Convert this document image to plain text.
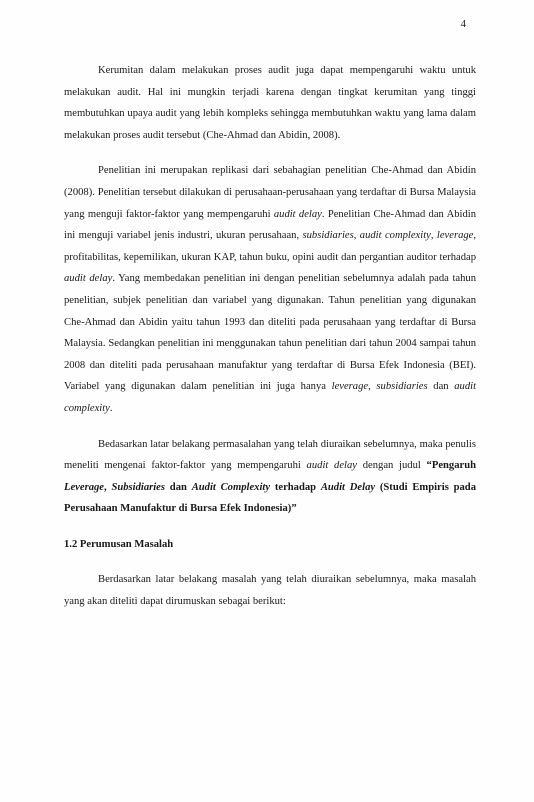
4

Kerumitan dalam melakukan proses audit juga dapat mempengaruhi waktu untuk melakukan audit. Hal ini mungkin terjadi karena dengan tingkat kerumitan yang tinggi membutuhkan upaya audit yang lebih kompleks sehingga membutuhkan waktu yang lama dalam melakukan proses audit tersebut (Che-Ahmad dan Abidin, 2008).

Penelitian ini merupakan replikasi dari sebahagian penelitian Che-Ahmad dan Abidin (2008). Penelitian tersebut dilakukan di perusahaan-perusahaan yang terdaftar di Bursa Malaysia yang menguji faktor-faktor yang mempengaruhi audit delay. Penelitian Che-Ahmad dan Abidin ini menguji variabel jenis industri, ukuran perusahaan, subsidiaries, audit complexity, leverage, profitabilitas, kepemilikan, ukuran KAP, tahun buku, opini audit dan pergantian auditor terhadap audit delay. Yang membedakan penelitian ini dengan penelitian sebelumnya adalah pada tahun penelitian, subjek penelitian dan variabel yang digunakan. Tahun penelitian yang digunakan Che-Ahmad dan Abidin yaitu tahun 1993 dan diteliti pada perusahaan yang terdaftar di Bursa Malaysia. Sedangkan penelitian ini menggunakan tahun penelitian dari tahun 2004 sampai tahun 2008 dan diteliti pada perusahaan manufaktur yang terdaftar di Bursa Efek Indonesia (BEI). Variabel yang digunakan dalam penelitian ini juga hanya leverage, subsidiaries dan audit complexity.

Bedasarkan latar belakang permasalahan yang telah diuraikan sebelumnya, maka penulis meneliti mengenai faktor-faktor yang mempengaruhi audit delay dengan judul “Pengaruh Leverage, Subsidiaries dan Audit Complexity terhadap Audit Delay (Studi Empiris pada Perusahaan Manufaktur di Bursa Efek Indonesia)”

1.2 Perumusan Masalah

Berdasarkan latar belakang masalah yang telah diuraikan sebelumnya, maka masalah yang akan diteliti dapat dirumuskan sebagai berikut:
